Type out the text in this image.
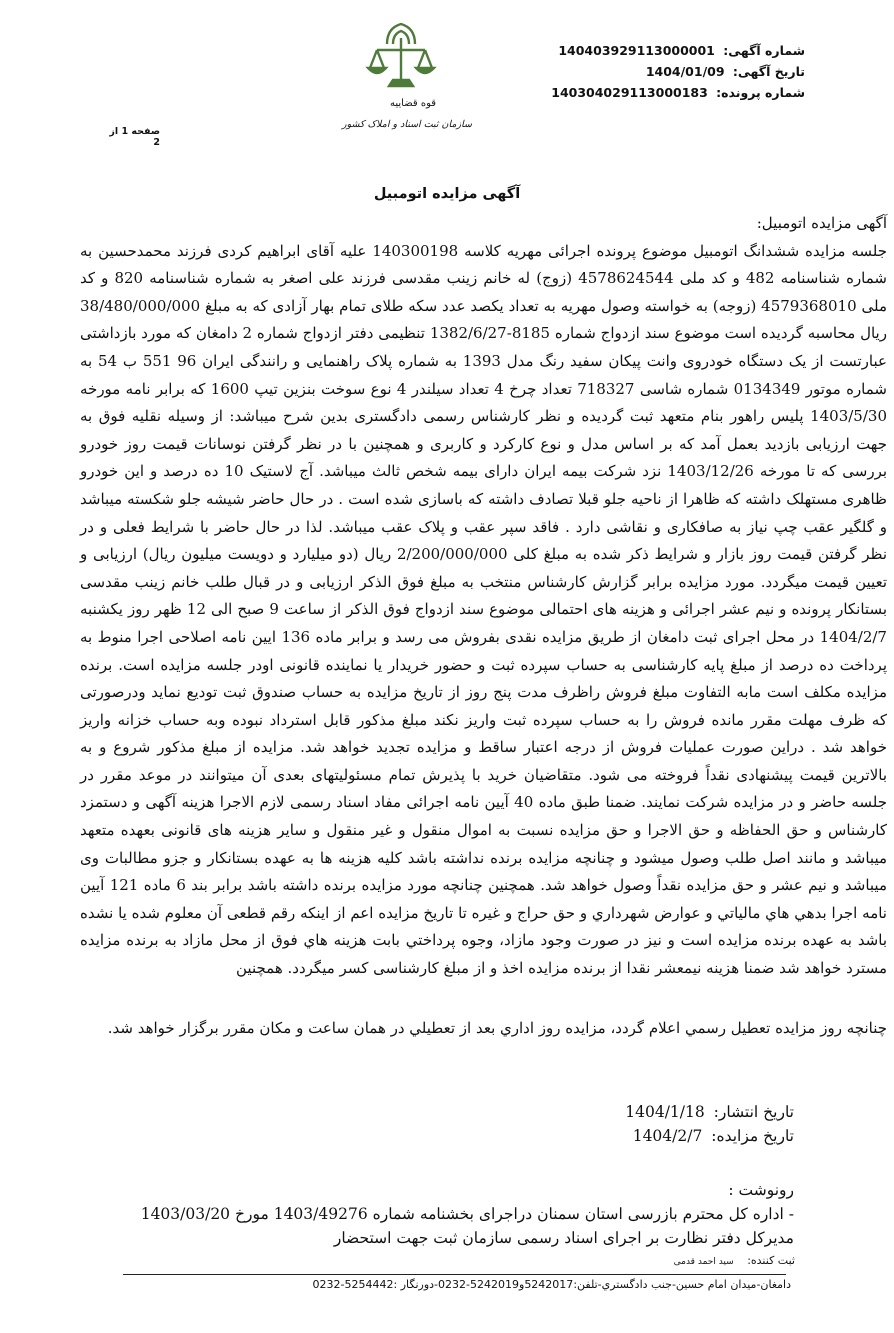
شماره آگهی: 140403929113000001
تاریخ آگهی: 1404/01/09
شماره پرونده: 140304029113000183
قوه قضاییه
سازمان ثبت اسناد و املاک کشور
صفحه 1 از 2
آگهی مزایده اتومبیل
آگهی مزایده اتومبیل:

جلسه مزایده ششدانگ اتومبیل موضوع پرونده اجرائی مهریه کلاسه 140300198 علیه آقای ابراهیم کردی فرزند محمدحسین به شماره شناسنامه 482 و کد ملی 4578624544 (زوج) له خانم زینب مقدسی فرزند علی اصغر به شماره شناسنامه 820 و کد ملی 4579368010 (زوجه) به خواسته وصول مهریه به تعداد یکصد عدد سکه طلای تمام بهار آزادی که به مبلغ 38/480/000/000 ریال محاسبه گردیده است موضوع سند ازدواج شماره 8185-1382/6/27 تنظیمی دفتر ازدواج شماره 2 دامغان که مورد بازداشتی عبارتست از یک دستگاه خودروی وانت پیکان سفید رنگ مدل 1393 به شماره پلاک راهنمایی و رانندگی ایران 96 551 ب 54 به شماره موتور 0134349 شماره شاسی 718327 تعداد چرخ 4 تعداد سیلندر 4 نوع سوخت بنزین تیپ 1600 که برابر نامه مورخه 1403/5/30 پلیس راهور بنام متعهد ثبت گردیده و نظر کارشناس رسمی دادگستری بدین شرح میباشد: از وسیله نقلیه فوق به جهت ارزیابی بازدید بعمل آمد که بر اساس مدل و نوع کارکرد و کاربری و همچنین با در نظر گرفتن نوسانات قیمت روز خودرو بررسی که تا مورخه 1403/12/26 نزد شرکت بیمه ایران دارای بیمه شخص ثالث میباشد. آج لاستیک 10 ده درصد و این خودرو ظاهری مستهلک داشته که ظاهرا از ناحیه جلو قبلا تصادف داشته که باسازی شده است . در حال حاضر شیشه جلو شکسته میباشد و گلگیر عقب چپ نیاز به صافکاری و نقاشی دارد . فاقد سپر عقب و پلاک عقب میباشد. لذا در حال حاضر با شرایط فعلی و در نظر گرفتن قیمت روز بازار و شرایط ذکر شده به مبلغ کلی 2/200/000/000 ریال (دو میلیارد و دویست میلیون ریال) ارزیابی و تعیین قیمت میگردد. مورد مزایده برابر گزارش کارشناس منتخب به مبلغ فوق الذکر ارزیابی و در قبال طلب خانم زینب مقدسی بستانکار پرونده و نیم عشر اجرائی و هزینه های احتمالی موضوع سند ازدواج فوق الذکر از ساعت 9 صبح الی 12 ظهر روز یکشنبه 1404/2/7 در محل اجرای ثبت دامغان از طریق مزایده نقدی بفروش می رسد و برابر ماده 136 ایین نامه اصلاحی اجرا منوط به پرداخت ده درصد از مبلغ پایه کارشناسی به حساب سپرده ثبت و حضور خریدار یا نماینده قانونی اودر جلسه مزایده است. برنده مزایده مکلف است مابه التفاوت مبلغ فروش راظرف مدت پنج روز از تاریخ مزایده به حساب صندوق ثبت تودیع نماید ودرصورتی که ظرف مهلت مقرر مانده فروش را به حساب سپرده ثبت واریز نکند مبلغ مذکور قابل استرداد نبوده وبه حساب خزانه واریز خواهد شد . دراین صورت عملیات فروش از درجه اعتبار ساقط و مزایده تجدید خواهد شد. مزایده از مبلغ مذکور شروع و به بالاترین قیمت پیشنهادی نقداً فروخته می شود. متقاضیان خرید با پذیرش تمام مسئولیتهای بعدی آن میتوانند در موعد مقرر در جلسه حاضر و در مزایده شرکت نمایند. ضمنا طبق ماده 40 آیین نامه اجرائی مفاد اسناد رسمی لازم الاجرا هزینه آگهی و دستمزد کارشناس و حق الحفاظه و حق الاجرا و حق مزایده نسبت به اموال منقول و غیر منقول و سایر هزینه های قانونی بعهده متعهد میباشد و مانند اصل طلب وصول میشود و چنانچه مزایده برنده نداشته باشد کلیه هزینه ها به عهده بستانکار و جزو مطالبات وی میباشد و نیم عشر و حق مزایده نقداً وصول خواهد شد. همچنین چنانچه مورد مزایده برنده داشته باشد برابر بند 6 ماده 121 آیین نامه اجرا بدهي هاي مالیاتي و عوارض شهرداري و حق حراج و غیره تا تاریخ مزایده اعم از اینکه رقم قطعی آن معلوم شده یا نشده باشد به عهده برنده مزایده است و نیز در صورت وجود مازاد، وجوه پرداختي بابت هزینه هاي فوق از محل مازاد به برنده مزایده مسترد خواهد شد ضمنا هزینه نیمعشر نقدا از برنده مزایده اخذ و از مبلغ کارشناسی کسر میگردد. همچنین

چنانچه روز مزایده تعطیل رسمي اعلام گردد، مزایده روز اداري بعد از تعطیلي در همان ساعت و مکان مقرر برگزار خواهد شد.
تاریخ انتشار: 1404/1/18
تاریخ مزایده: 1404/2/7
رونوشت :
- اداره کل محترم بازرسی استان سمنان دراجرای بخشنامه شماره 1403/49276 مورخ 1403/03/20
مدیرکل دفتر نظارت بر اجرای اسناد رسمی سازمان ثبت جهت استحضار
ثبت کننده: سید احمد قدمی
دامغان-میدان امام حسین-جنب دادگستري-تلفن:5242017و5242019-0232-دورنگار :5254442-0232
